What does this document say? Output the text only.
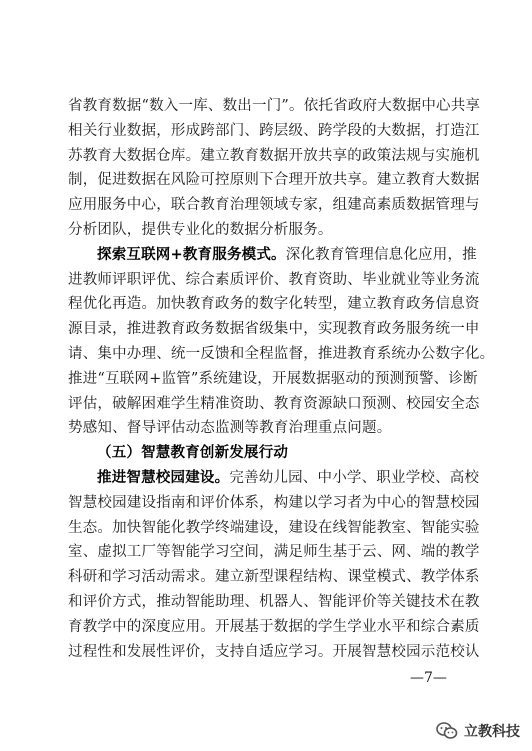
省教育数据“数入一库、数出一门”。依托省政府大数据中心共享
相关行业数据，形成跨部门、跨层级、跨学段的大数据，打造江
苏教育大数据仓库。建立教育数据开放共享的政策法规与实施机
制，促进数据在风险可控原则下合理开放共享。建立教育大数据
应用服务中心，联合教育治理领域专家，组建高素质数据管理与
分析团队，提供专业化的数据分析服务。
探索互联网+教育服务模式。深化教育管理信息化应用，推
进教师评职评优、综合素质评价、教育资助、毕业就业等业务流
程优化再造。加快教育政务的数字化转型，建立教育政务信息资
源目录，推进教育政务数据省级集中，实现教育政务服务统一申
请、集中办理、统一反馈和全程监督，推进教育系统办公数字化。
推进“互联网+监管”系统建设，开展数据驱动的预测预警、诊断
评估，破解困难学生精准资助、教育资源缺口预测、校园安全态
势感知、督导评估动态监测等教育治理重点问题。
（五）智慧教育创新发展行动
推进智慧校园建设。完善幼儿园、中小学、职业学校、高校
智慧校园建设指南和评价体系，构建以学习者为中心的智慧校园
生态。加快智能化教学终端建设，建设在线智能教室、智能实验
室、虚拟工厂等智能学习空间，满足师生基于云、网、端的教学
科研和学习活动需求。建立新型课程结构、课堂模式、教学体系
和评价方式，推动智能助理、机器人、智能评价等关键技术在教
育教学中的深度应用。开展基于数据的学生学业水平和综合素质
过程性和发展性评价，支持自适应学习。开展智慧校园示范校认
—7—
立教科技
